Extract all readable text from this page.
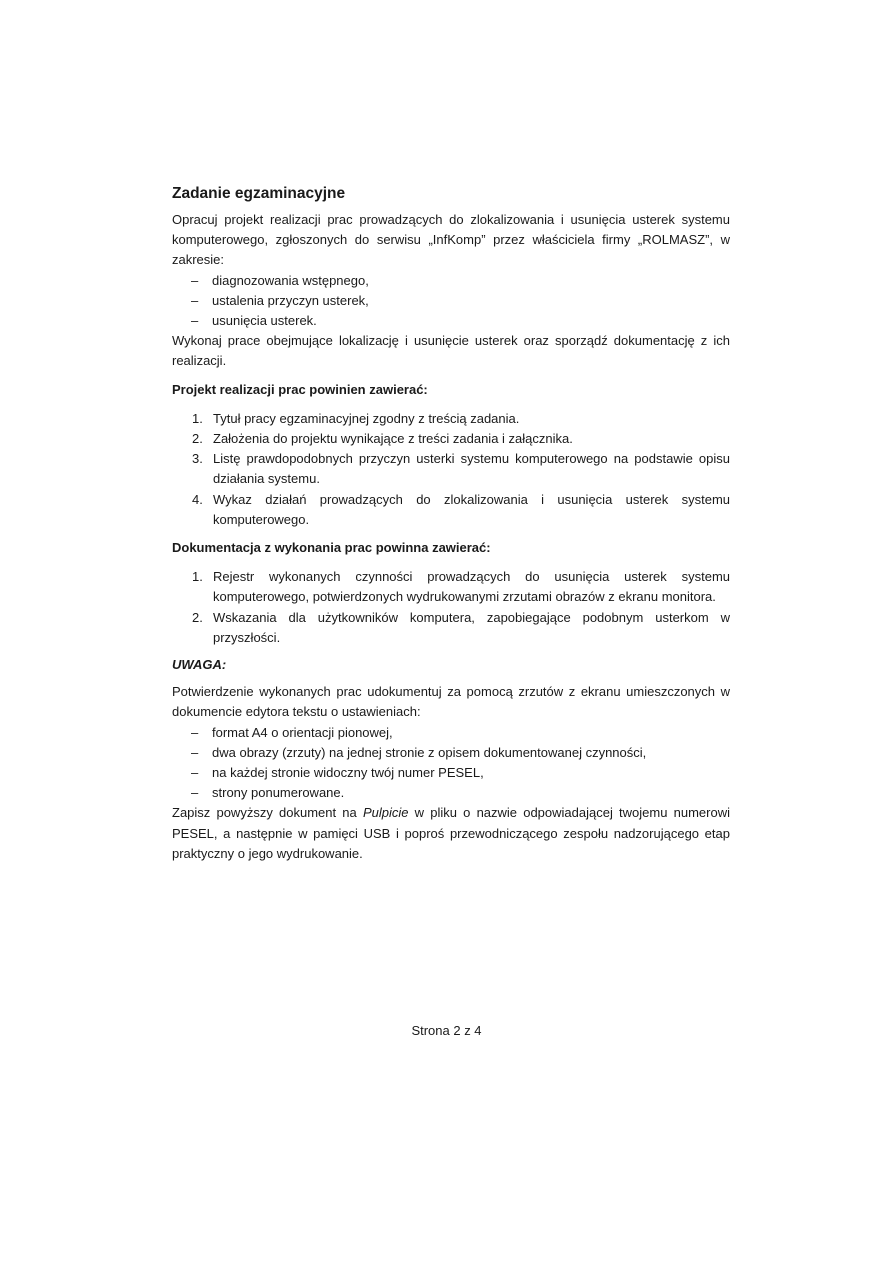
Zadanie egzaminacyjne

Opracuj projekt realizacji prac prowadzących do zlokalizowania i usunięcia usterek systemu komputerowego, zgłoszonych do serwisu „InfKomp” przez właściciela firmy „ROLMASZ”, w zakresie:

– diagnozowania wstępnego,
– ustalenia przyczyn usterek,
– usunięcia usterek.

Wykonaj prace obejmujące lokalizację i usunięcie usterek oraz sporządź dokumentację z ich realizacji.

Projekt realizacji prac powinien zawierać:
1. Tytuł pracy egzaminacyjnej zgodny z treścią zadania.
2. Założenia do projektu wynikające z treści zadania i załącznika.
3. Listę prawdopodobnych przyczyn usterki systemu komputerowego na podstawie opisu działania systemu.
4. Wykaz działań prowadzących do zlokalizowania i usunięcia usterek systemu komputerowego.
Dokumentacja z wykonania prac powinna zawierać:
1. Rejestr wykonanych czynności prowadzących do usunięcia usterek systemu komputerowego, potwierdzonych wydrukowanymi zrzutami obrazów z ekranu monitora.
2. Wskazania dla użytkowników komputera, zapobiegające podobnym usterkom w przyszłości.
UWAGA:

Potwierdzenie wykonanych prac udokumentuj za pomocą zrzutów z ekranu umieszczonych w dokumencie edytora tekstu o ustawieniach:

– format A4 o orientacji pionowej,
– dwa obrazy (zrzuty) na jednej stronie z opisem dokumentowanej czynności,
– na każdej stronie widoczny twój numer PESEL,
– strony ponumerowane.

Zapisz powyższy dokument na Pulpicie w pliku o nazwie odpowiadającej twojemu numerowi PESEL, a następnie w pamięci USB i poproś przewodniczącego zespołu nadzorującego etap praktyczny o jego wydrukowanie.

Strona 2 z 4
